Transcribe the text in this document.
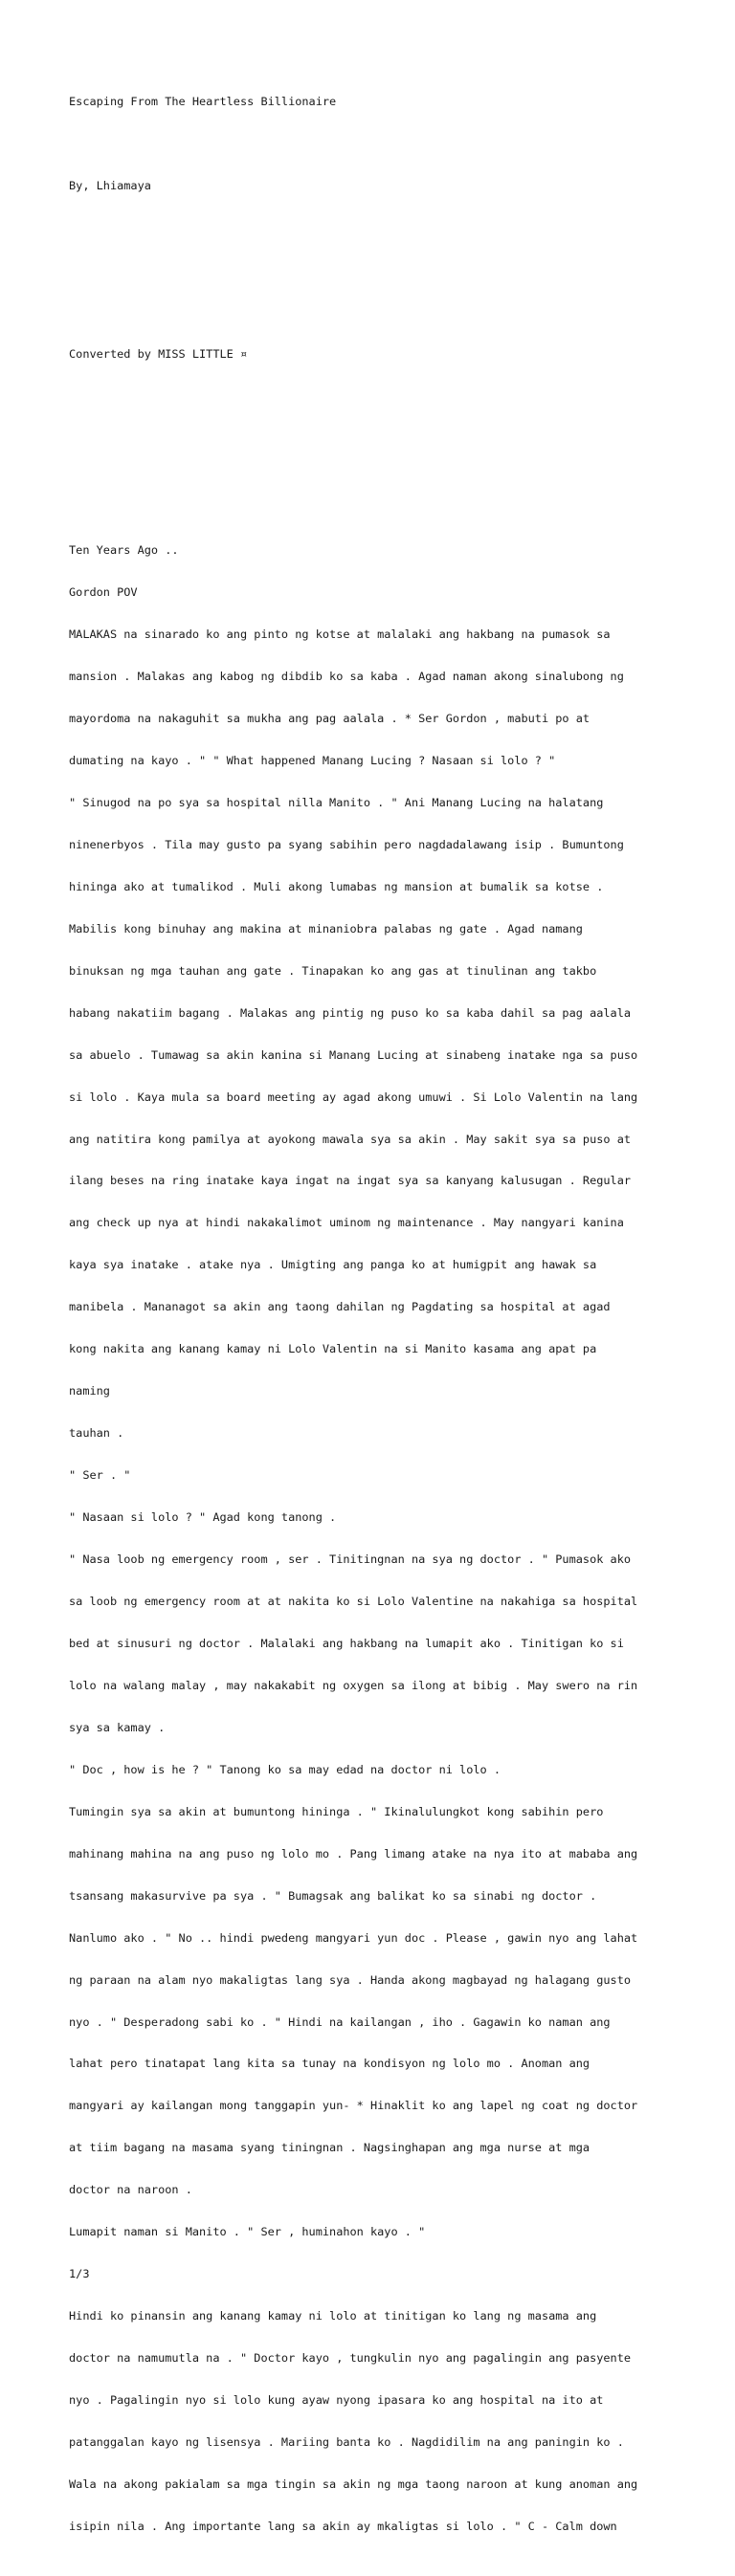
Escaping From The Heartless Billionaire

By, Lhiamaya

Converted by MISS LITTLE ¤

Ten Years Ago ..

Gordon POV

MALAKAS na sinarado ko ang pinto ng kotse at malalaki ang hakbang na pumasok sa

mansion . Malakas ang kabog ng dibdib ko sa kaba . Agad naman akong sinalubong ng

mayordoma na nakaguhit sa mukha ang pag aalala . * Ser Gordon , mabuti po at

dumating na kayo . " " What happened Manang Lucing ? Nasaan si lolo ? "

" Sinugod na po sya sa hospital nilla Manito . " Ani Manang Lucing na halatang

ninenerbyos . Tila may gusto pa syang sabihin pero nagdadalawang isip . Bumuntong

hininga ako at tumalikod . Muli akong lumabas ng mansion at bumalik sa kotse .

Mabilis kong binuhay ang makina at minaniobra palabas ng gate . Agad namang

binuksan ng mga tauhan ang gate . Tinapakan ko ang gas at tinulinan ang takbo

habang nakatiim bagang . Malakas ang pintig ng puso ko sa kaba dahil sa pag aalala

sa abuelo . Tumawag sa akin kanina si Manang Lucing at sinabeng inatake nga sa puso

si lolo . Kaya mula sa board meeting ay agad akong umuwi . Si Lolo Valentin na lang

ang natitira kong pamilya at ayokong mawala sya sa akin . May sakit sya sa puso at

ilang beses na ring inatake kaya ingat na ingat sya sa kanyang kalusugan . Regular

ang check up nya at hindi nakakalimot uminom ng maintenance . May nangyari kanina

kaya sya inatake . atake nya . Umigting ang panga ko at humigpit ang hawak sa

manibela . Mananagot sa akin ang taong dahilan ng Pagdating sa hospital at agad

kong nakita ang kanang kamay ni Lolo Valentin na si Manito kasama ang apat pa

naming

tauhan .

" Ser . "

" Nasaan si lolo ? " Agad kong tanong .

" Nasa loob ng emergency room , ser . Tinitingnan na sya ng doctor . " Pumasok ako

sa loob ng emergency room at at nakita ko si Lolo Valentine na nakahiga sa hospital

bed at sinusuri ng doctor . Malalaki ang hakbang na lumapit ako . Tinitigan ko si

lolo na walang malay , may nakakabit ng oxygen sa ilong at bibig . May swero na rin

sya sa kamay .

" Doc , how is he ? " Tanong ko sa may edad na doctor ni lolo .

Tumingin sya sa akin at bumuntong hininga . " Ikinalulungkot kong sabihin pero

mahinang mahina na ang puso ng lolo mo . Pang limang atake na nya ito at mababa ang

tsansang makasurvive pa sya . " Bumagsak ang balikat ko sa sinabi ng doctor .

Nanlumo ako . " No .. hindi pwedeng mangyari yun doc . Please , gawin nyo ang lahat

ng paraan na alam nyo makaligtas lang sya . Handa akong magbayad ng halagang gusto

nyo . " Desperadong sabi ko . " Hindi na kailangan , iho . Gagawin ko naman ang

lahat pero tinatapat lang kita sa tunay na kondisyon ng lolo mo . Anoman ang

mangyari ay kailangan mong tanggapin yun- * Hinaklit ko ang lapel ng coat ng doctor

at tiim bagang na masama syang tiningnan . Nagsinghapan ang mga nurse at mga

doctor na naroon .

Lumapit naman si Manito . " Ser , huminahon kayo . "

1/3

Hindi ko pinansin ang kanang kamay ni lolo at tinitigan ko lang ng masama ang

doctor na namumutla na . " Doctor kayo , tungkulin nyo ang pagalingin ang pasyente

nyo . Pagalingin nyo si lolo kung ayaw nyong ipasara ko ang hospital na ito at

patanggalan kayo ng lisensya . Mariing banta ko . Nagdidilim na ang paningin ko .

Wala na akong pakialam sa mga tingin sa akin ng mga taong naroon at kung anoman ang

isipin nila . Ang importante lang sa akin ay mkaligtas si lolo . " C - Calm down
